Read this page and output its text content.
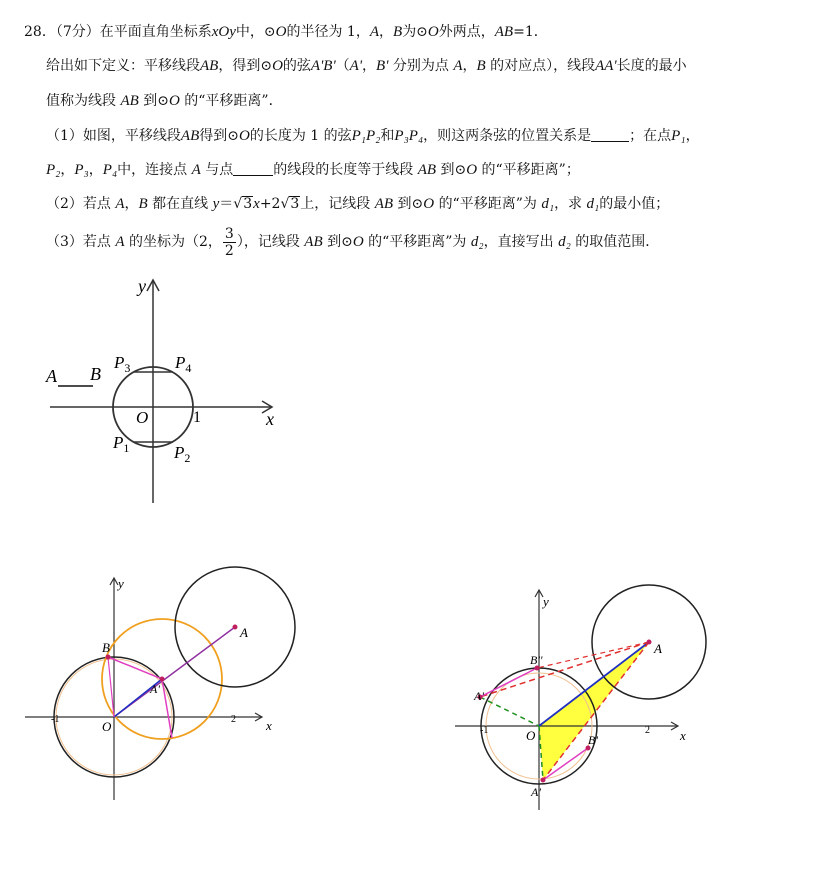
28．（7分）在平面直角坐标系xOy中，⊙O的半径为 1，A，B为⊙O外两点，AB=1．
给出如下定义：平移线段AB，得到⊙O的弦A'B'（A'，B' 分别为点 A，B 的对应点），线段AA'长度的最小
值称为线段 AB 到⊙O 的“平移距离”．
（1）如图，平移线段AB得到⊙O的长度为 1 的弦P₁P₂和P₃P₄，则这两条弦的位置关系是	；在点P₁，
P₂，P₃，P₄中，连接点 A 与点	的线段的长度等于线段 AB 到⊙O 的“平移距离”；
（2）若点 A，B 都在直线 y＝√3x+2√3上，记线段 AB 到⊙O 的“平移距离”为 d₁，求 d₁的最小值；
（3）若点 A 的坐标为（2， $\frac{3}{2}$ ），记线段 AB 到⊙O 的“平移距离”为 d₂，直接写出 d₂ 的取值范围．
x
y
O	1
A B
$P_3$	$P_4$
$P_1$	$P_2$
x
y
O
-1	2
A
B
A'
x
y
O
-1	2
A
A'
B''
B'
A'
